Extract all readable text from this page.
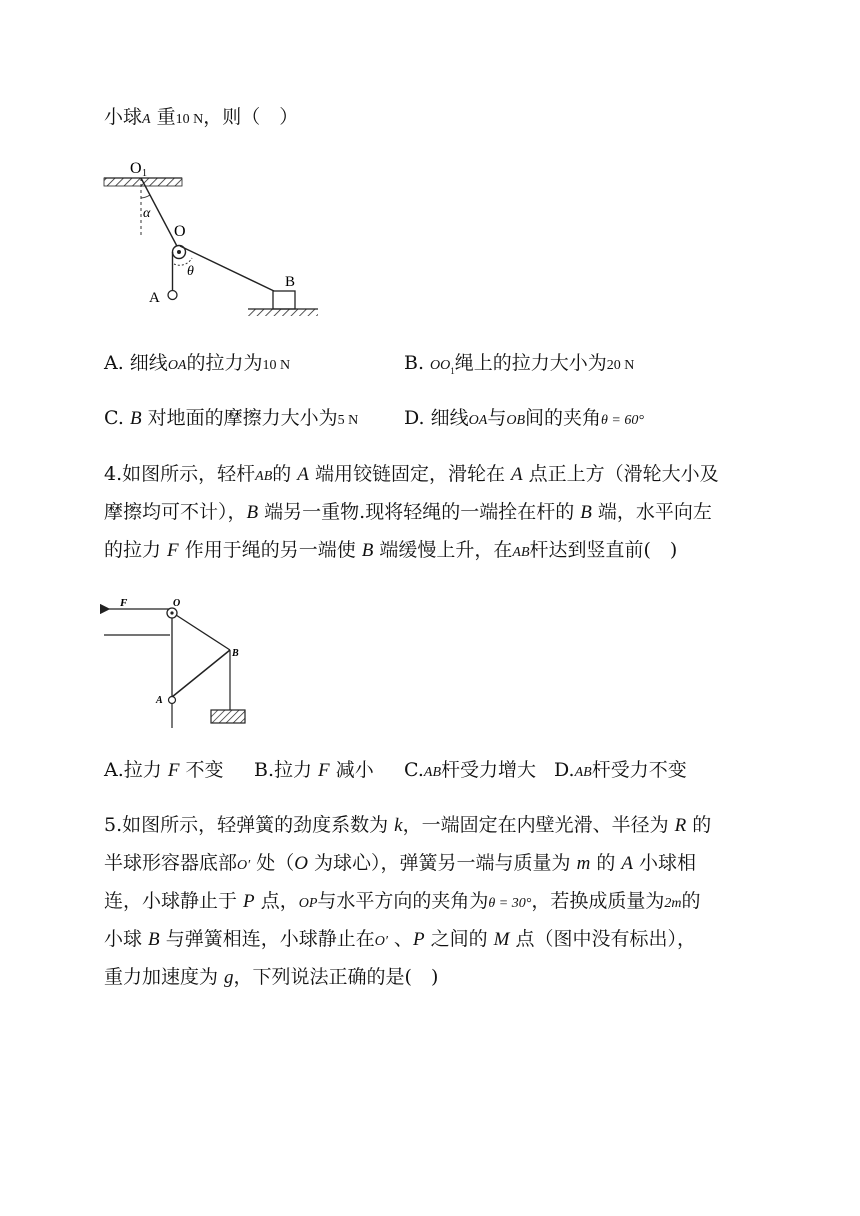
小球A 重10 N，则（　）
O 1
α
O
θ
A
B
A. 细线OA的拉力为10 N	B. $OO_1$绳上的拉力大小为20 N
C. B 对地面的摩擦力大小为5 N D. 细线OA与OB间的夹角θ = 60°
4.如图所示，轻杆AB的 A 端用铰链固定，滑轮在 A 点正上方（滑轮大小及
摩擦均可不计），B 端另一重物.现将轻绳的一端拴在杆的 B 端，水平向左
的拉力 F 作用于绳的另一端使 B 端缓慢上升，在AB杆达到竖直前(　)
F	O
B
A
A.拉力 F 不变 B.拉力 F 减小 C.AB杆受力增大 D.AB杆受力不变
5.如图所示，轻弹簧的劲度系数为 k，一端固定在内壁光滑、半径为 R 的
半球形容器底部O′ 处（O 为球心），弹簧另一端与质量为 m 的 A 小球相
连，小球静止于 P 点，OP与水平方向的夹角为θ = 30°，若换成质量为2m的
小球 B 与弹簧相连，小球静止在O′ 、P 之间的 M 点（图中没有标出），
重力加速度为 g，下列说法正确的是(　)
